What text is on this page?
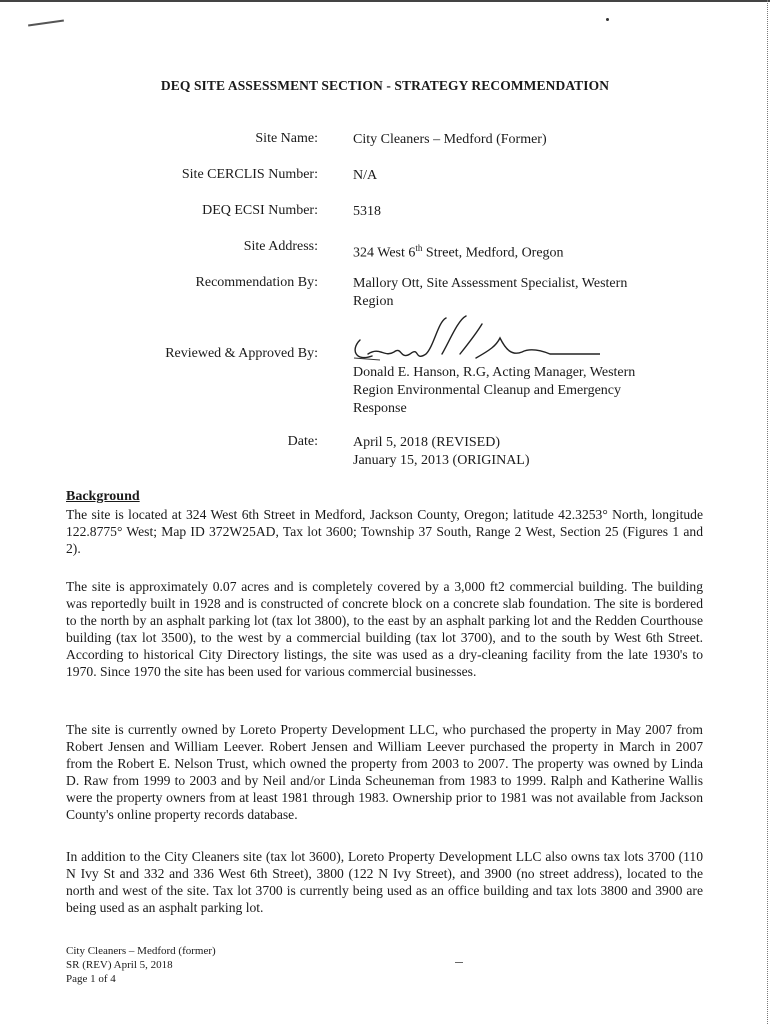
DEQ SITE ASSESSMENT SECTION - STRATEGY RECOMMENDATION
Site Name:	City Cleaners – Medford (Former)
Site CERCLIS Number:	N/A
DEQ ECSI Number:	5318
Site Address:	324 West 6th Street, Medford, Oregon
Recommendation By:	Mallory Ott, Site Assessment Specialist, Western Region
Reviewed & Approved By:
Donald E. Hanson, R.G, Acting Manager, Western Region Environmental Cleanup and Emergency Response
Date:	April 5, 2018 (REVISED)
January 15, 2013 (ORIGINAL)
Background
The site is located at 324 West 6th Street in Medford, Jackson County, Oregon; latitude 42.3253° North, longitude 122.8775° West; Map ID 372W25AD, Tax lot 3600; Township 37 South, Range 2 West, Section 25 (Figures 1 and 2).
The site is approximately 0.07 acres and is completely covered by a 3,000 ft2 commercial building. The building was reportedly built in 1928 and is constructed of concrete block on a concrete slab foundation. The site is bordered to the north by an asphalt parking lot (tax lot 3800), to the east by an asphalt parking lot and the Redden Courthouse building (tax lot 3500), to the west by a commercial building (tax lot 3700), and to the south by West 6th Street. According to historical City Directory listings, the site was used as a dry-cleaning facility from the late 1930's to 1970. Since 1970 the site has been used for various commercial businesses.
The site is currently owned by Loreto Property Development LLC, who purchased the property in May 2007 from Robert Jensen and William Leever. Robert Jensen and William Leever purchased the property in March in 2007 from the Robert E. Nelson Trust, which owned the property from 2003 to 2007. The property was owned by Linda D. Raw from 1999 to 2003 and by Neil and/or Linda Scheuneman from 1983 to 1999. Ralph and Katherine Wallis were the property owners from at least 1981 through 1983. Ownership prior to 1981 was not available from Jackson County's online property records database.
In addition to the City Cleaners site (tax lot 3600), Loreto Property Development LLC also owns tax lots 3700 (110 N Ivy St and 332 and 336 West 6th Street), 3800 (122 N Ivy Street), and 3900 (no street address), located to the north and west of the site. Tax lot 3700 is currently being used as an office building and tax lots 3800 and 3900 are being used as an asphalt parking lot.
City Cleaners – Medford (former)
SR (REV) April 5, 2018
Page 1 of 4
